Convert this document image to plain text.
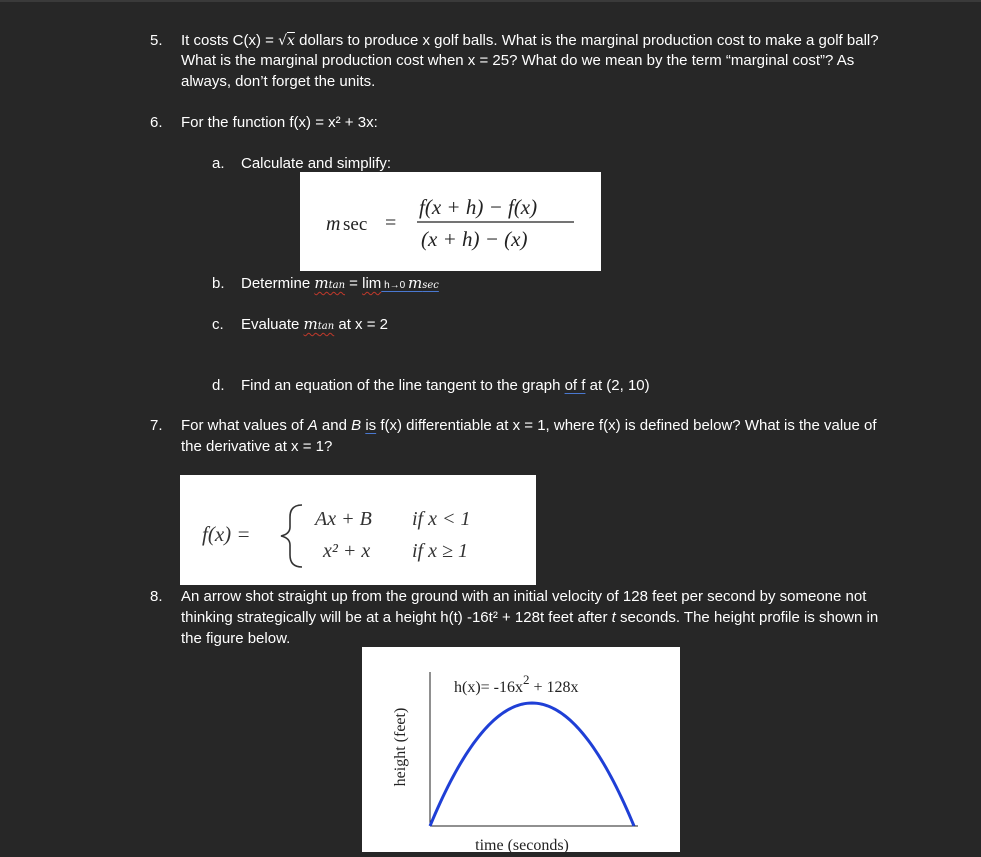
5. It costs C(x) = √x dollars to produce x golf balls. What is the marginal production cost to make a golf ball?
What is the marginal production cost when x = 25? What do we mean by the term “marginal cost”? As
always, don’t forget the units.
6. For the function f(x) = x² + 3x:
a. Calculate and simplify:
m sec =
f(x + h) − f(x)
(x + h) − (x)
b. Determine mtan = lim h→0 msec
c. Evaluate mtan at x = 2
d. Find an equation of the line tangent to the graph of f at (2, 10)
7. For what values of A and B is f(x) differentiable at x = 1, where f(x) is defined below? What is the value of
the derivative at x = 1?
f(x) =
Ax + B if x < 1
x² + x if x ≥ 1
8. An arrow shot straight up from the ground with an initial velocity of 128 feet per second by someone not
thinking strategically will be at a height h(t) -16t² + 128t feet after t seconds. The height profile is shown in
the figure below.
$h(x)= -16x^2 + 128x$
height (feet)
time (seconds)
